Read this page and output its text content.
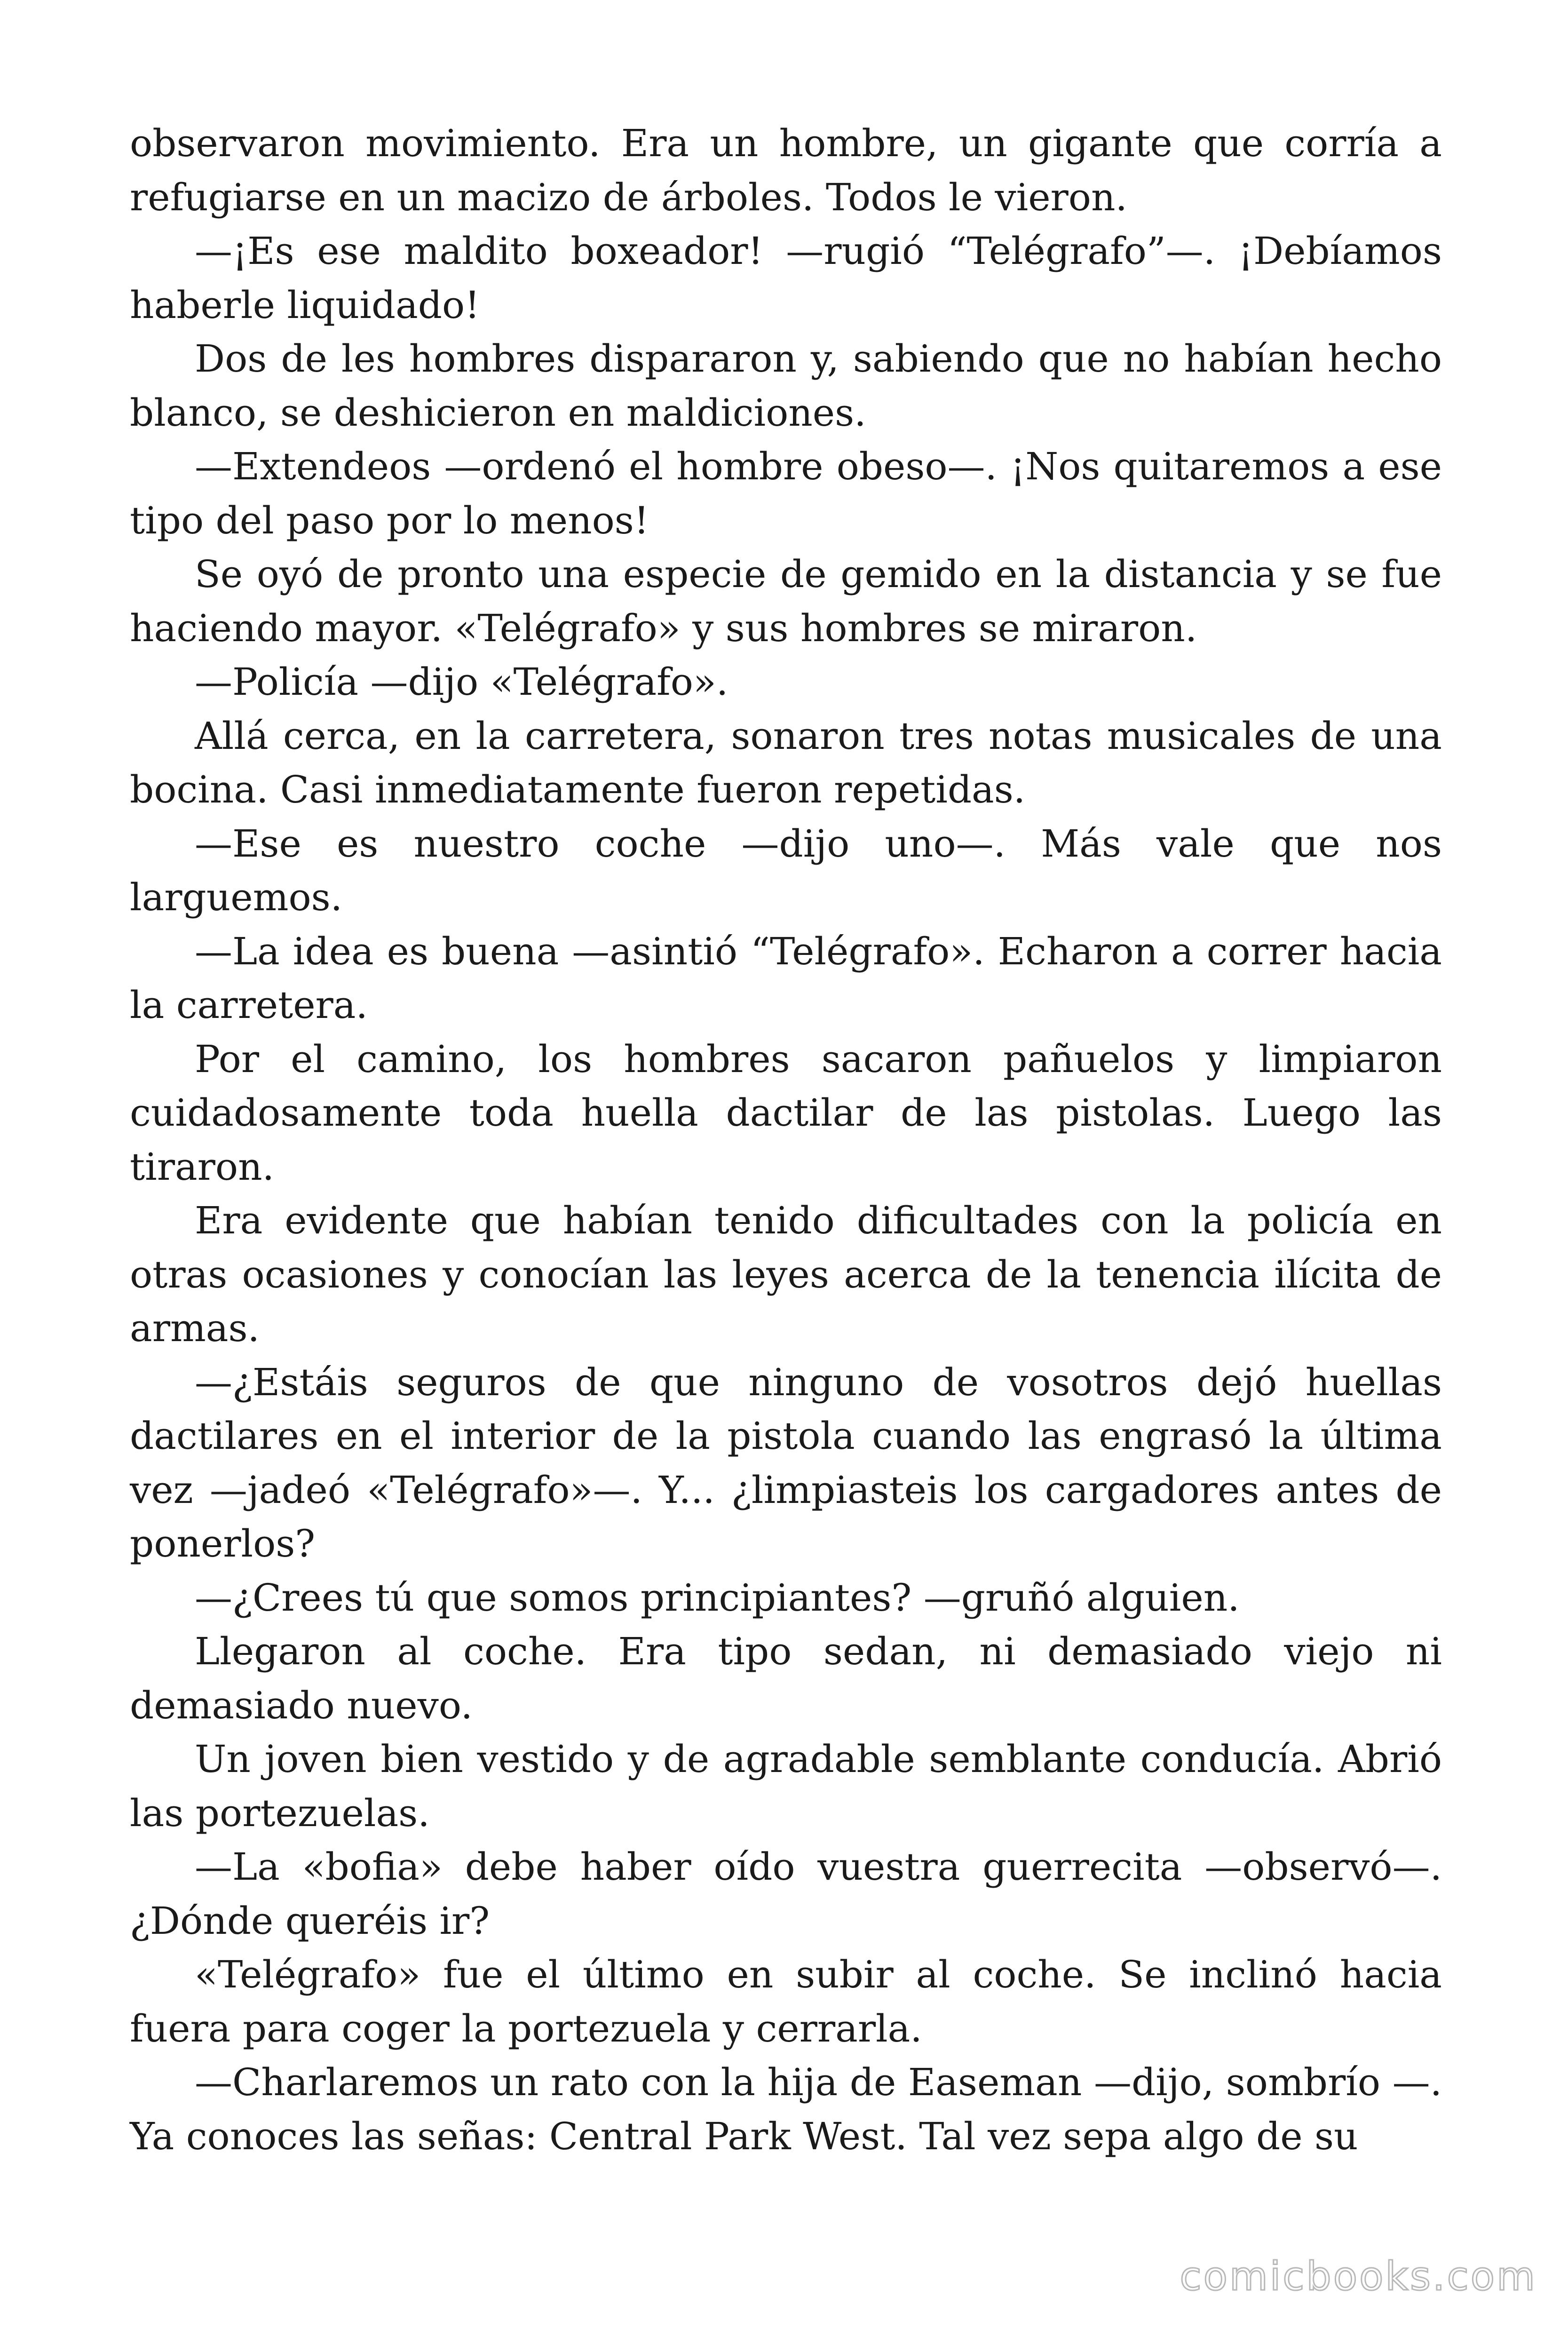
observaron movimiento. Era un hombre, un gigante que corría a refugiarse en un macizo de árboles. Todos le vieron.

—¡Es ese maldito boxeador! —rugió “Telégrafo”—. ¡Debíamos haberle liquidado!

Dos de les hombres dispararon y, sabiendo que no habían hecho blanco, se deshicieron en maldiciones.

—Extendeos —ordenó el hombre obeso—. ¡Nos quitaremos a ese tipo del paso por lo menos!

Se oyó de pronto una especie de gemido en la distancia y se fue haciendo mayor. «Telégrafo» y sus hombres se miraron.

—Policía —dijo «Telégrafo».

Allá cerca, en la carretera, sonaron tres notas musicales de una bocina. Casi inmediatamente fueron repetidas.

—Ese es nuestro coche —dijo uno—. Más vale que nos larguemos.

—La idea es buena —asintió “Telégrafo». Echaron a correr hacia la carretera.

Por el camino, los hombres sacaron pañuelos y limpiaron cuidadosamente toda huella dactilar de las pistolas. Luego las tiraron.

Era evidente que habían tenido dificultades con la policía en otras ocasiones y conocían las leyes acerca de la tenencia ilícita de armas.

—¿Estáis seguros de que ninguno de vosotros dejó huellas dactilares en el interior de la pistola cuando las engrasó la última vez —jadeó «Telégrafo»—. Y... ¿limpiasteis los cargadores antes de ponerlos?

—¿Crees tú que somos principiantes? —gruñó alguien.

Llegaron al coche. Era tipo sedan, ni demasiado viejo ni demasiado nuevo.

Un joven bien vestido y de agradable semblante conducía. Abrió las portezuelas.

—La «bofia» debe haber oído vuestra guerrecita —observó—. ¿Dónde queréis ir?

«Telégrafo» fue el último en subir al coche. Se inclinó hacia fuera para coger la portezuela y cerrarla.

—Charlaremos un rato con la hija de Easeman —dijo, sombrío —. Ya conoces las señas: Central Park West. Tal vez sepa algo de su

comicbooks.com
